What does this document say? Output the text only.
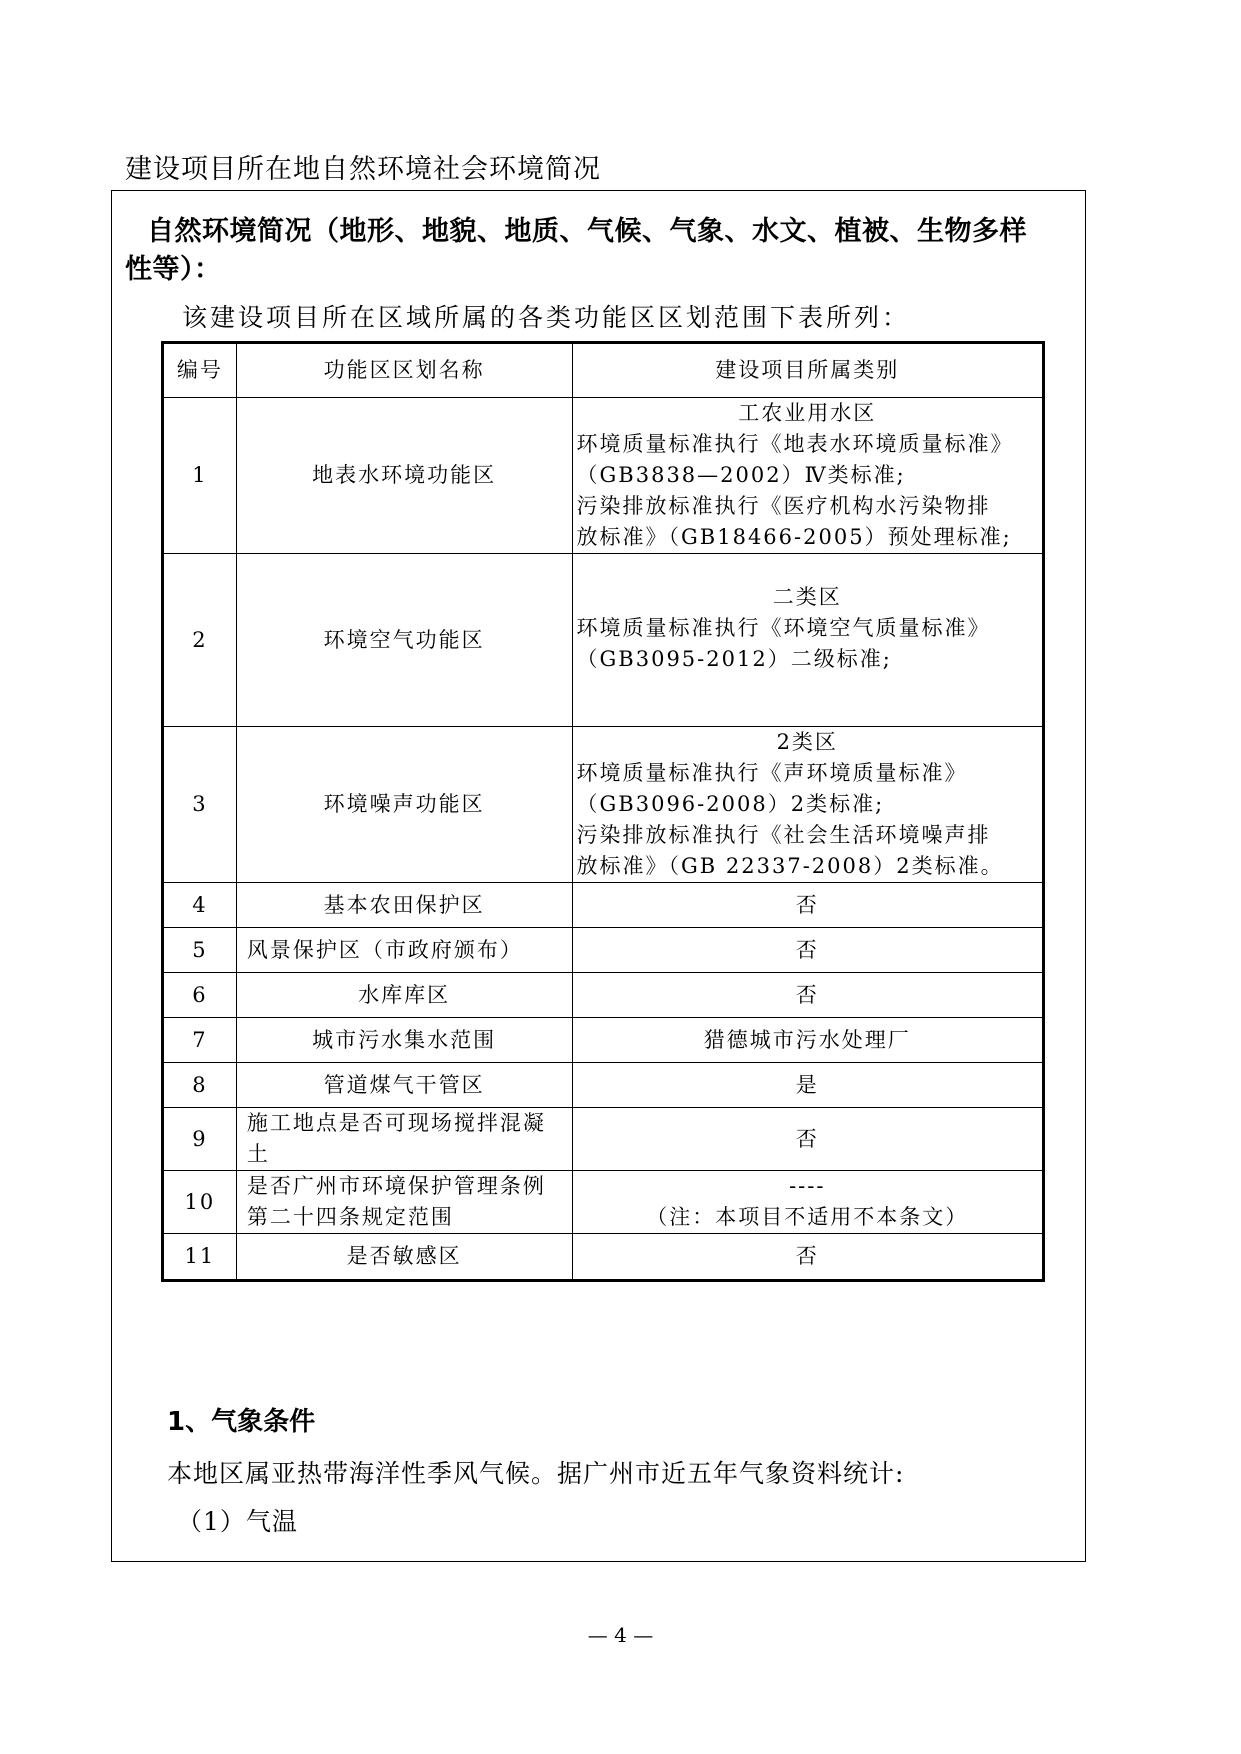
建设项目所在地自然环境社会环境简况
自然环境简况（地形、地貌、地质、气候、气象、水文、植被、生物多样
性等）：
该建设项目所在区域所属的各类功能区区划范围下表所列：
编号	功能区区划名称	建设项目所属类别
1	地表水环境功能区	工农业用水区
环境质量标准执行《地表水环境质量标准》
（GB3838—2002）Ⅳ类标准;
污染排放标准执行《医疗机构水污染物排
放标准》（GB18466-2005）预处理标准;

2	环境空气功能区	二类区
环境质量标准执行《环境空气质量标准》
（GB3095-2012）二级标准;

3	环境噪声功能区	2类区
环境质量标准执行《声环境质量标准》
（GB3096-2008）2类标准;
污染排放标准执行《社会生活环境噪声排
放标准》（GB 22337-2008）2类标准。

4	基本农田保护区	否

5	风景保护区（市政府颁布）	否

6	水库库区	否

7	城市污水集水范围	猎德城市污水处理厂

8	管道煤气干管区	是

9	施工地点是否可现场搅拌混凝土	否

10	是否广州市环境保护管理条例第二十四条规定范围	----
（注：本项目不适用不本条文）

11	是否敏感区	否
1、气象条件
本地区属亚热带海洋性季风气候。据广州市近五年气象资料统计:
（1）气温
— 4 —
